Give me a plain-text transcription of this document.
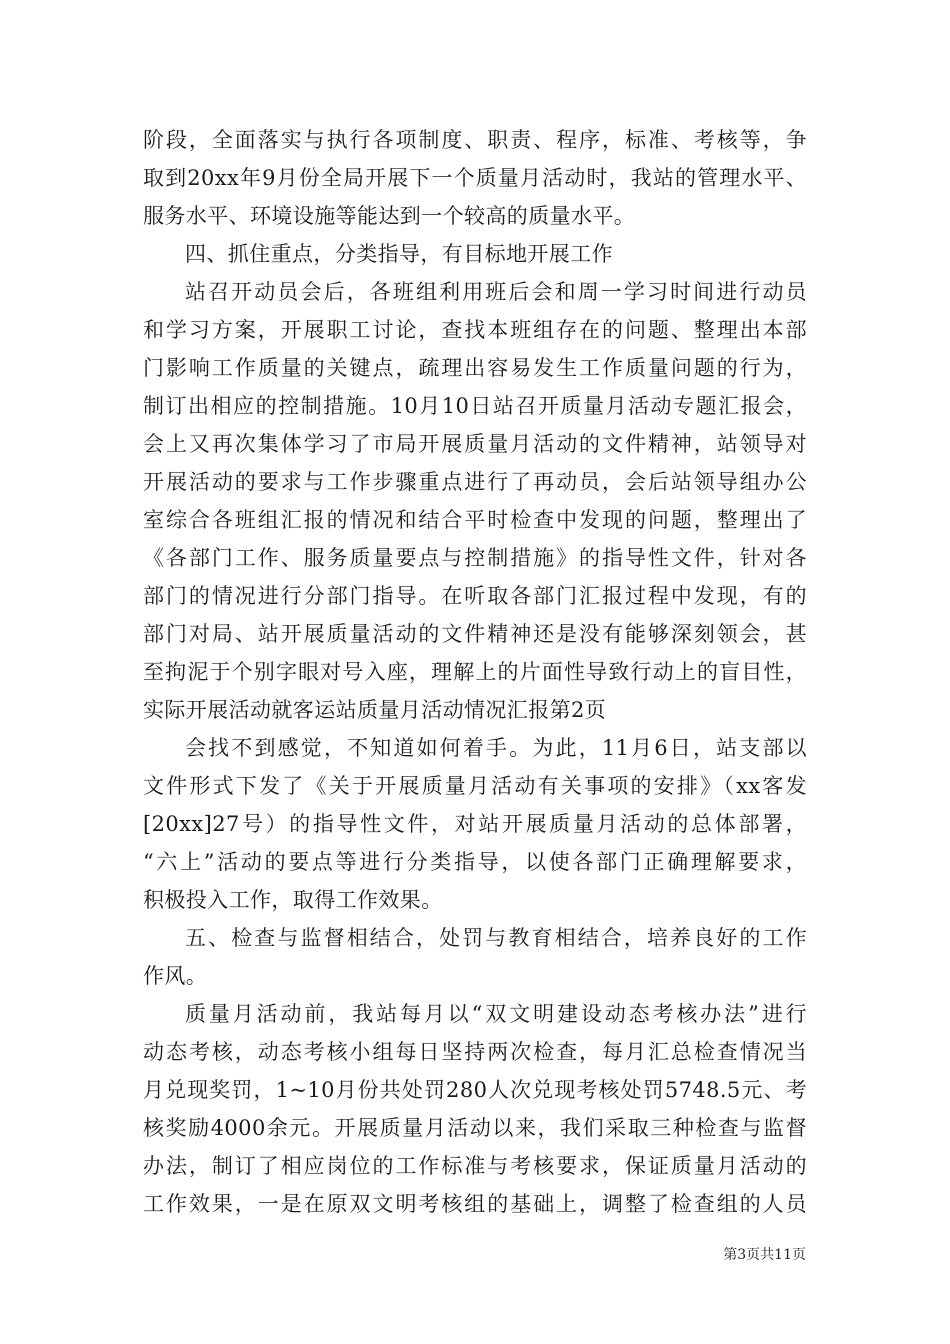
阶段，全面落实与执行各项制度、职责、程序，标准、考核等，争
取到20xx年9月份全局开展下一个质量月活动时，我站的管理水平、
服务水平、环境设施等能达到一个较高的质量水平。
四、抓住重点，分类指导，有目标地开展工作
站召开动员会后，各班组利用班后会和周一学习时间进行动员
和学习方案，开展职工讨论，查找本班组存在的问题、整理出本部
门影响工作质量的关键点，疏理出容易发生工作质量问题的行为，
制订出相应的控制措施。10月10日站召开质量月活动专题汇报会，
会上又再次集体学习了市局开展质量月活动的文件精神，站领导对
开展活动的要求与工作步骤重点进行了再动员，会后站领导组办公
室综合各班组汇报的情况和结合平时检查中发现的问题，整理出了
《各部门工作、服务质量要点与控制措施》的指导性文件，针对各
部门的情况进行分部门指导。在听取各部门汇报过程中发现，有的
部门对局、站开展质量活动的文件精神还是没有能够深刻领会，甚
至拘泥于个别字眼对号入座，理解上的片面性导致行动上的盲目性，
实际开展活动就客运站质量月活动情况汇报第2页
会找不到感觉，不知道如何着手。为此，11月6日，站支部以
文件形式下发了《关于开展质量月活动有关事项的安排》（xx客发
[20xx]27号）的指导性文件，对站开展质量月活动的总体部署，
“六上”活动的要点等进行分类指导，以使各部门正确理解要求，
积极投入工作，取得工作效果。
五、检查与监督相结合，处罚与教育相结合，培养良好的工作
作风。
质量月活动前，我站每月以“双文明建设动态考核办法”进行
动态考核，动态考核小组每日坚持两次检查，每月汇总检查情况当
月兑现奖罚，1~10月份共处罚280人次兑现考核处罚5748.5元、考
核奖励4000余元。开展质量月活动以来，我们采取三种检查与监督
办法，制订了相应岗位的工作标准与考核要求，保证质量月活动的
工作效果，一是在原双文明考核组的基础上，调整了检查组的人员
第3页共11页
